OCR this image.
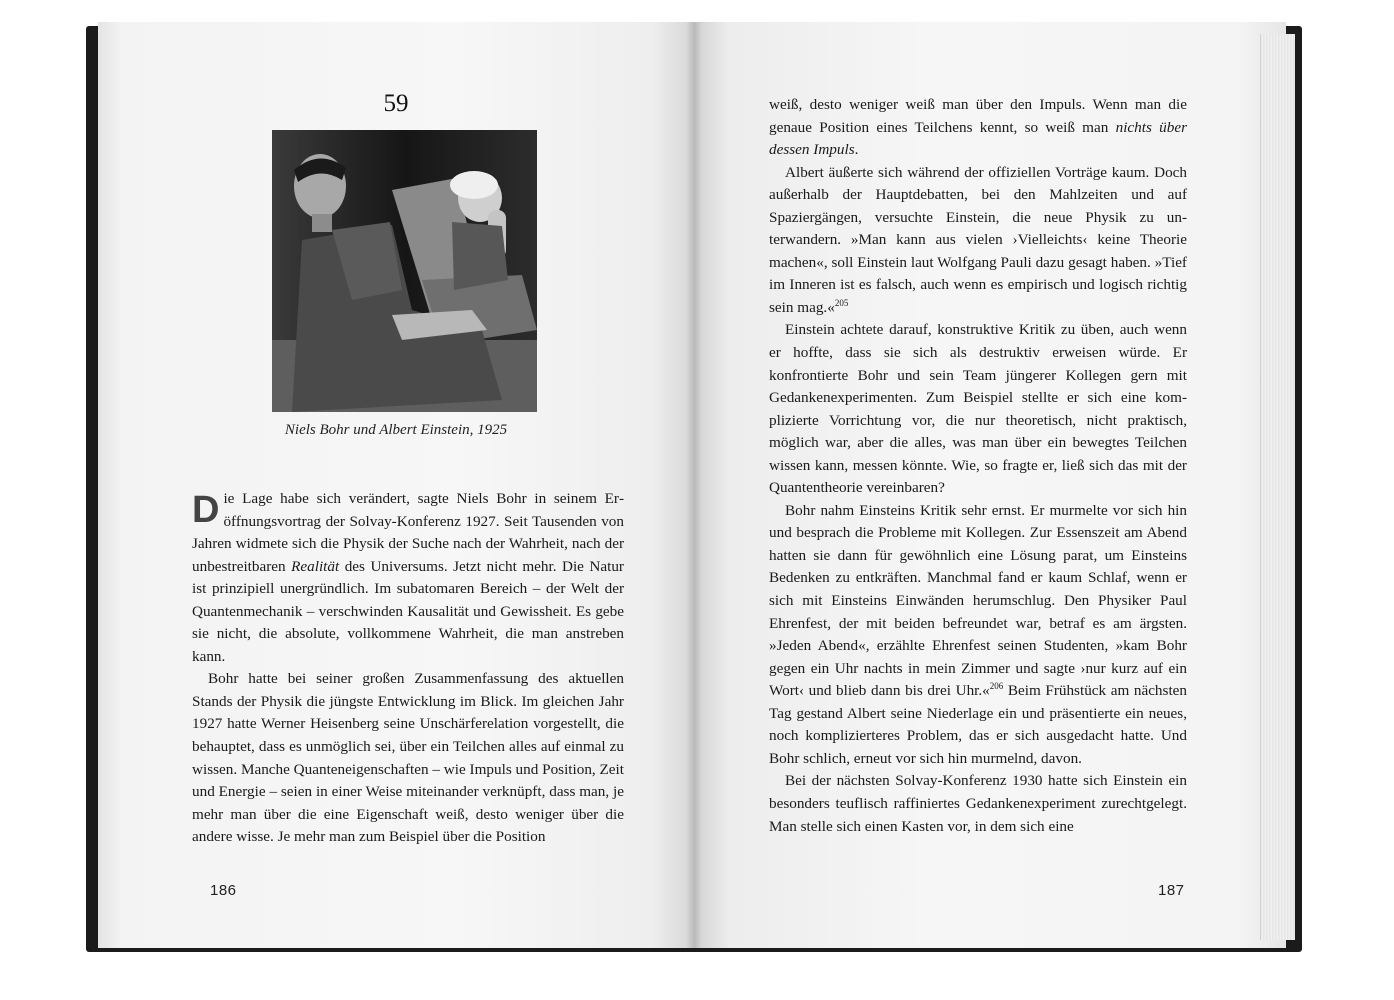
59
Niels Bohr und Albert Einstein, 1925
D ie Lage habe sich verändert, sagte Niels Bohr in seinem Eröffnungsvortrag der Solvay-Konferenz 1927. Seit Tausenden von Jahren widmete sich die Physik der Suche nach der Wahrheit, nach der unbestreitbaren Realität des Universums. Jetzt nicht mehr. Die Natur ist prinzipiell unergründlich. Im subatomaren Bereich – der Welt der Quantenmechanik – verschwinden Kausalität und Gewissheit. Es gebe sie nicht, die absolute, vollkommene Wahrheit, die man anstreben kann.

Bohr hatte bei seiner großen Zusammenfassung des aktuellen Stands der Physik die jüngste Entwicklung im Blick. Im gleichen Jahr 1927 hatte Werner Heisenberg seine Unschärferelation vorgestellt, die behauptet, dass es unmöglich sei, über ein Teilchen alles auf einmal zu wissen. Manche Quanteneigenschaften – wie Impuls und Position, Zeit und Energie – seien in einer Weise miteinander verknüpft, dass man, je mehr man über die eine Eigenschaft weiß, desto weniger über die andere wisse. Je mehr man zum Beispiel über die Position

186

weiß, desto weniger weiß man über den Impuls. Wenn man die genaue Position eines Teilchens kennt, so weiß man nichts über dessen Impuls.

Albert äußerte sich während der offiziellen Vorträge kaum. Doch außerhalb der Hauptdebatten, bei den Mahlzeiten und auf Spaziergängen, versuchte Einstein, die neue Physik zu unterwandern. »Man kann aus vielen ›Vielleichts‹ keine Theorie machen«, soll Einstein laut Wolfgang Pauli dazu gesagt haben. »Tief im Inneren ist es falsch, auch wenn es empirisch und logisch richtig sein mag.«$^{205}$

Einstein achtete darauf, konstruktive Kritik zu üben, auch wenn er hoffte, dass sie sich als destruktiv erweisen würde. Er konfrontierte Bohr und sein Team jüngerer Kollegen gern mit Gedankenexperimenten. Zum Beispiel stellte er sich eine komplizierte Vorrichtung vor, die nur theoretisch, nicht praktisch, möglich war, aber die alles, was man über ein bewegtes Teilchen wissen kann, messen könnte. Wie, so fragte er, ließ sich das mit der Quantentheorie vereinbaren?

Bohr nahm Einsteins Kritik sehr ernst. Er murmelte vor sich hin und besprach die Probleme mit Kollegen. Zur Essenszeit am Abend hatten sie dann für gewöhnlich eine Lösung parat, um Einsteins Bedenken zu entkräften. Manchmal fand er kaum Schlaf, wenn er sich mit Einsteins Einwänden herumschlug. Den Physiker Paul Ehrenfest, der mit beiden befreundet war, betraf es am ärgsten. »Jeden Abend«, erzählte Ehrenfest seinen Studenten, »kam Bohr gegen ein Uhr nachts in mein Zimmer und sagte ›nur kurz auf ein Wort‹ und blieb dann bis drei Uhr.«$^{206}$ Beim Frühstück am nächsten Tag gestand Albert seine Niederlage ein und präsentierte ein neues, noch komplizierteres Problem, das er sich ausgedacht hatte. Und Bohr schlich, erneut vor sich hin murmelnd, davon.

Bei der nächsten Solvay-Konferenz 1930 hatte sich Einstein ein besonders teuflisch raffiniertes Gedankenexperiment zurechtgelegt. Man stelle sich einen Kasten vor, in dem sich eine

187
